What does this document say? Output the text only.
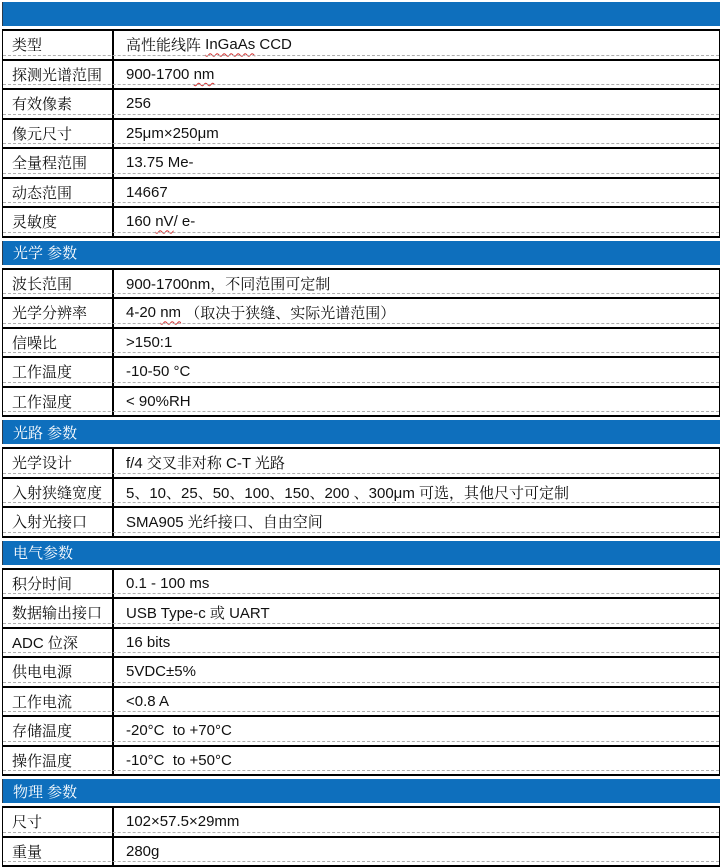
类型	高性能线阵 InGaAs CCD
探测光谱范围 900-1700 nm
有效像素	256
像元尺寸	25μm×250μm
全量程范围	13.75 Me-
动态范围	14667
灵敏度	160 nV / e-
光学 参数
波长范围	900-1700nm，不同范围可定制
光学分辨率	4-20 nm （取决于狭缝、实际光谱范围）
信噪比	>150:1
工作温度	-10-50 °C
工作湿度	< 90%RH
光路 参数
光学设计	f/4 交叉非对称 C-T 光路
入射狭缝宽度 5、10、25、50、100、150、200 、300μm 可选，其他尺寸可定制
入射光接口	SMA905 光纤接口、自由空间
电气参数
积分时间	0.1 - 100 ms
数据输出接口 USB Type-c 或 UART
ADC 位深	16 bits
供电电源	5VDC±5%
工作电流	<0.8 A
存储温度	-20°C  to +70°C
操作温度	-10°C  to +50°C
物理 参数
尺寸	102×57.5×29mm
重量	280g
